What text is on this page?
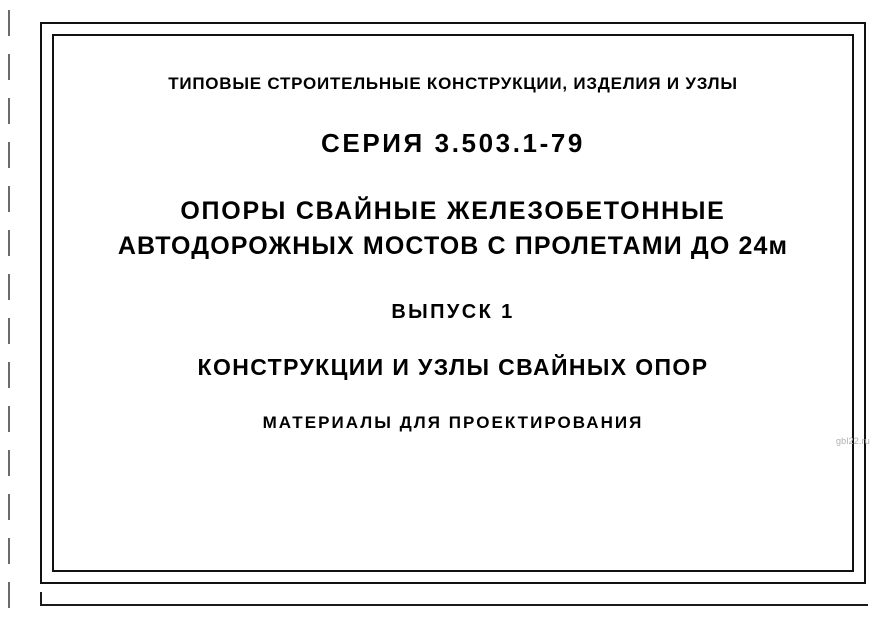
ТИПОВЫЕ СТРОИТЕЛЬНЫЕ КОНСТРУКЦИИ, ИЗДЕЛИЯ И УЗЛЫ
СЕРИЯ 3.503.1-79
ОПОРЫ СВАЙНЫЕ ЖЕЛЕЗОБЕТОННЫЕ
АВТОДОРОЖНЫХ МОСТОВ С ПРОЛЕТАМИ ДО 24м
ВЫПУСК 1
КОНСТРУКЦИИ И УЗЛЫ СВАЙНЫХ ОПОР
МАТЕРИАЛЫ ДЛЯ ПРОЕКТИРОВАНИЯ
gbl22.ru
